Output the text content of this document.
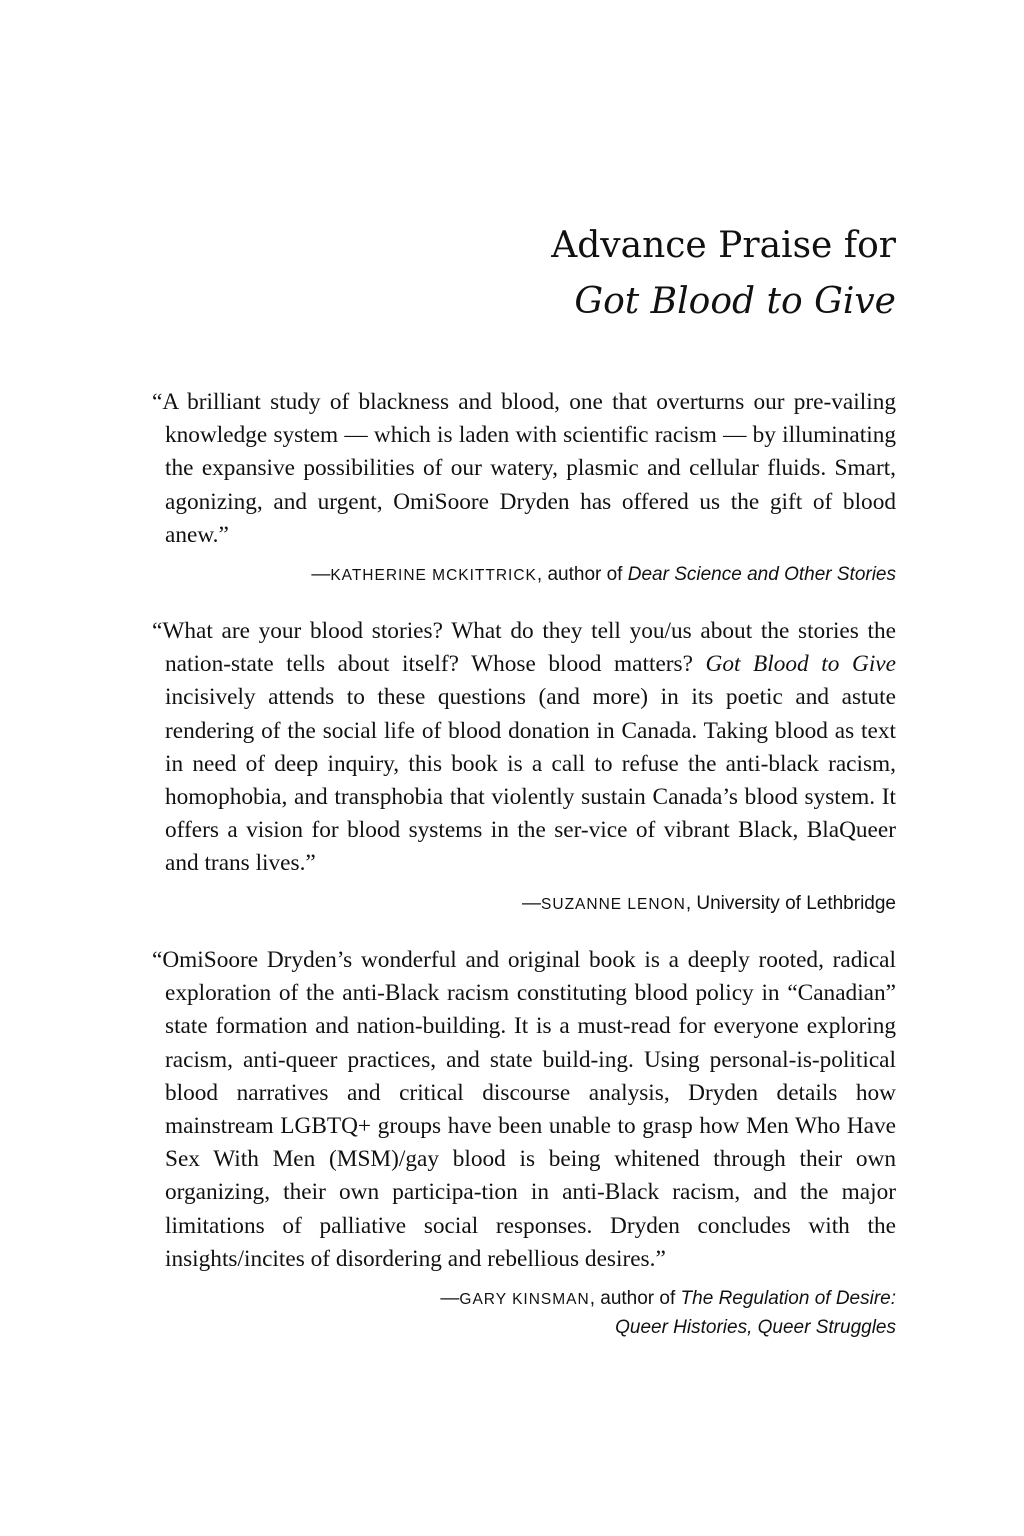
Advance Praise for
Got Blood to Give

“A brilliant study of blackness and blood, one that overturns our pre-vailing knowledge system — which is laden with scientific racism — by illuminating the expansive possibilities of our watery, plasmic and cellular fluids. Smart, agonizing, and urgent, OmiSoore Dryden has offered us the gift of blood anew.”

—KATHERINE MCKITTRICK, author of Dear Science and Other Stories

“What are your blood stories? What do they tell you/us about the stories the nation-state tells about itself? Whose blood matters? Got Blood to Give incisively attends to these questions (and more) in its poetic and astute rendering of the social life of blood donation in Canada. Taking blood as text in need of deep inquiry, this book is a call to refuse the anti-black racism, homophobia, and transphobia that violently sustain Canada’s blood system. It offers a vision for blood systems in the ser-vice of vibrant Black, BlaQueer and trans lives.”

—SUZANNE LENON, University of Lethbridge

“OmiSoore Dryden’s wonderful and original book is a deeply rooted, radical exploration of the anti-Black racism constituting blood policy in “Canadian” state formation and nation-building. It is a must-read for everyone exploring racism, anti-queer practices, and state build-ing. Using personal-is-political blood narratives and critical discourse analysis, Dryden details how mainstream LGBTQ+ groups have been unable to grasp how Men Who Have Sex With Men (MSM)/gay blood is being whitened through their own organizing, their own participa-tion in anti-Black racism, and the major limitations of palliative social responses. Dryden concludes with the insights/incites of disordering and rebellious desires.”

—GARY KINSMAN, author of The Regulation of Desire:
Queer Histories, Queer Struggles
